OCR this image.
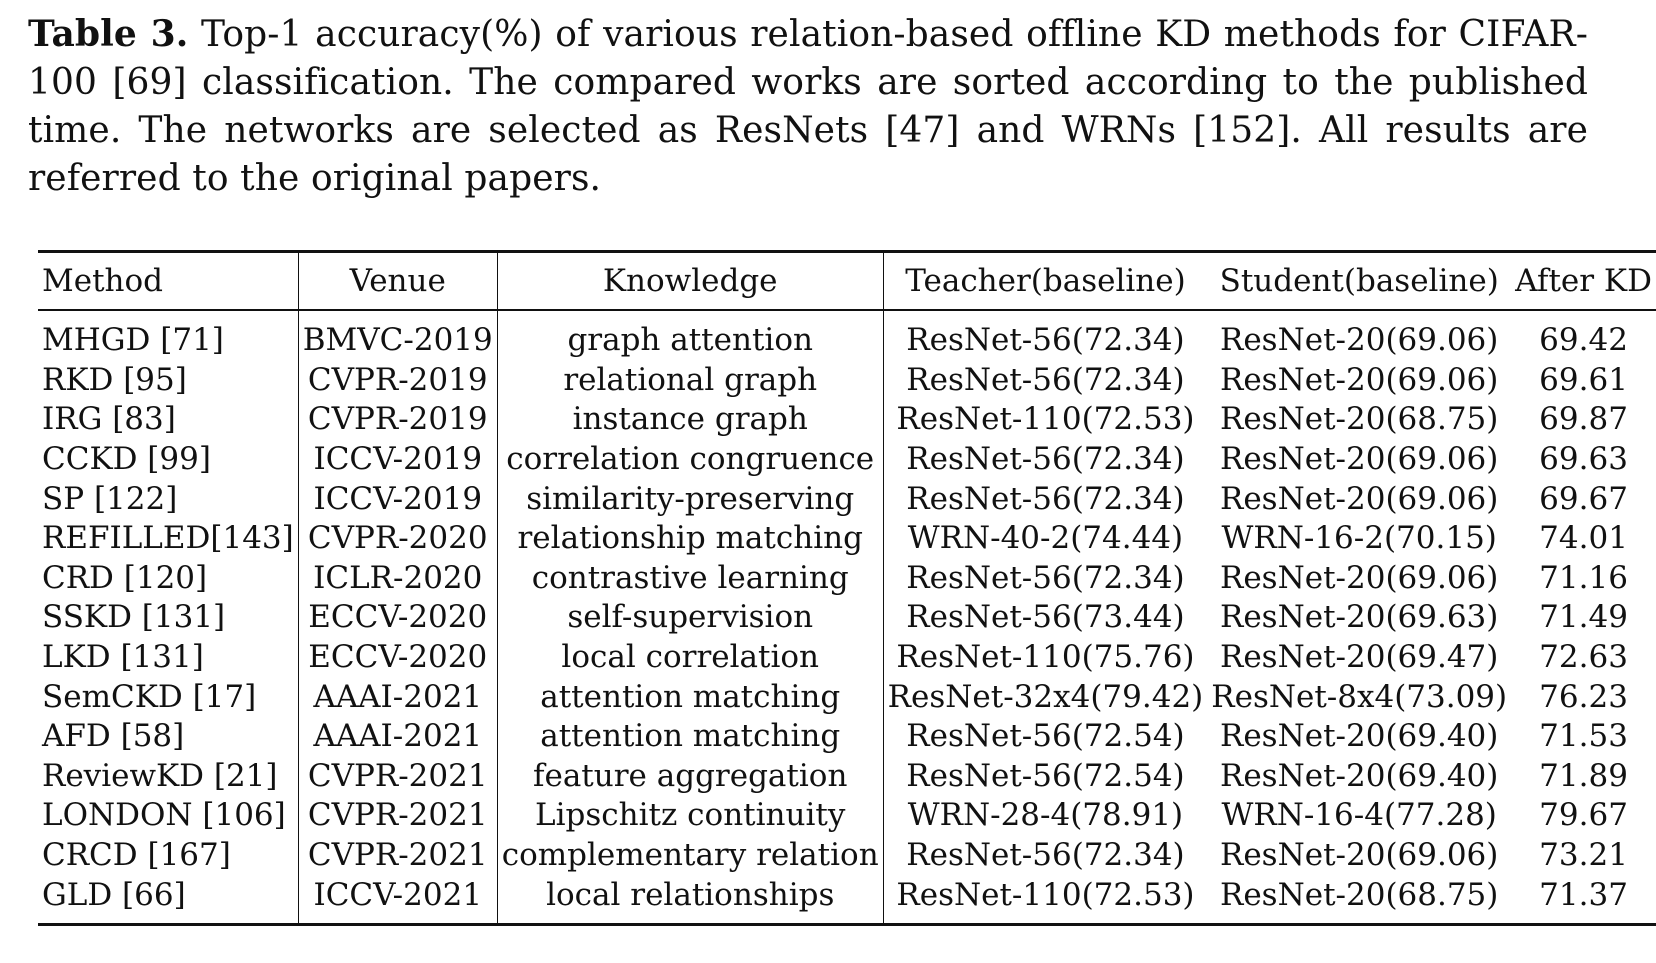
Table 3. Top-1 accuracy(%) of various relation-based offline KD methods for CIFAR-100 [69] classification. The compared works are sorted according to the published time. The networks are selected as ResNets [47] and WRNs [152]. All results are referred to the original papers.
Method	Venue	Knowledge	Teacher(baseline)	Student(baseline)	After KD
MHGD [71]	BMVC-2019	graph attention	ResNet-56(72.34)	ResNet-20(69.06)	69.42
RKD [95]	CVPR-2019	relational graph	ResNet-56(72.34)	ResNet-20(69.06)	69.61
IRG [83]	CVPR-2019	instance graph	ResNet-110(72.53)	ResNet-20(68.75)	69.87
CCKD [99]	ICCV-2019	correlation congruence	ResNet-56(72.34)	ResNet-20(69.06)	69.63
SP [122]	ICCV-2019	similarity-preserving	ResNet-56(72.34)	ResNet-20(69.06)	69.67
REFILLED[143]	CVPR-2020	relationship matching	WRN-40-2(74.44)	WRN-16-2(70.15)	74.01
CRD [120]	ICLR-2020	contrastive learning	ResNet-56(72.34)	ResNet-20(69.06)	71.16
SSKD [131]	ECCV-2020	self-supervision	ResNet-56(73.44)	ResNet-20(69.63)	71.49
LKD [131]	ECCV-2020	local correlation	ResNet-110(75.76)	ResNet-20(69.47)	72.63
SemCKD [17]	AAAI-2021	attention matching	ResNet-32x4(79.42)	ResNet-8x4(73.09)	76.23
AFD [58]	AAAI-2021	attention matching	ResNet-56(72.54)	ResNet-20(69.40)	71.53
ReviewKD [21]	CVPR-2021	feature aggregation	ResNet-56(72.54)	ResNet-20(69.40)	71.89
LONDON [106]	CVPR-2021	Lipschitz continuity	WRN-28-4(78.91)	WRN-16-4(77.28)	79.67
CRCD [167]	CVPR-2021	complementary relation	ResNet-56(72.34)	ResNet-20(69.06)	73.21
GLD [66]	ICCV-2021	local relationships	ResNet-110(72.53)	ResNet-20(68.75)	71.37
